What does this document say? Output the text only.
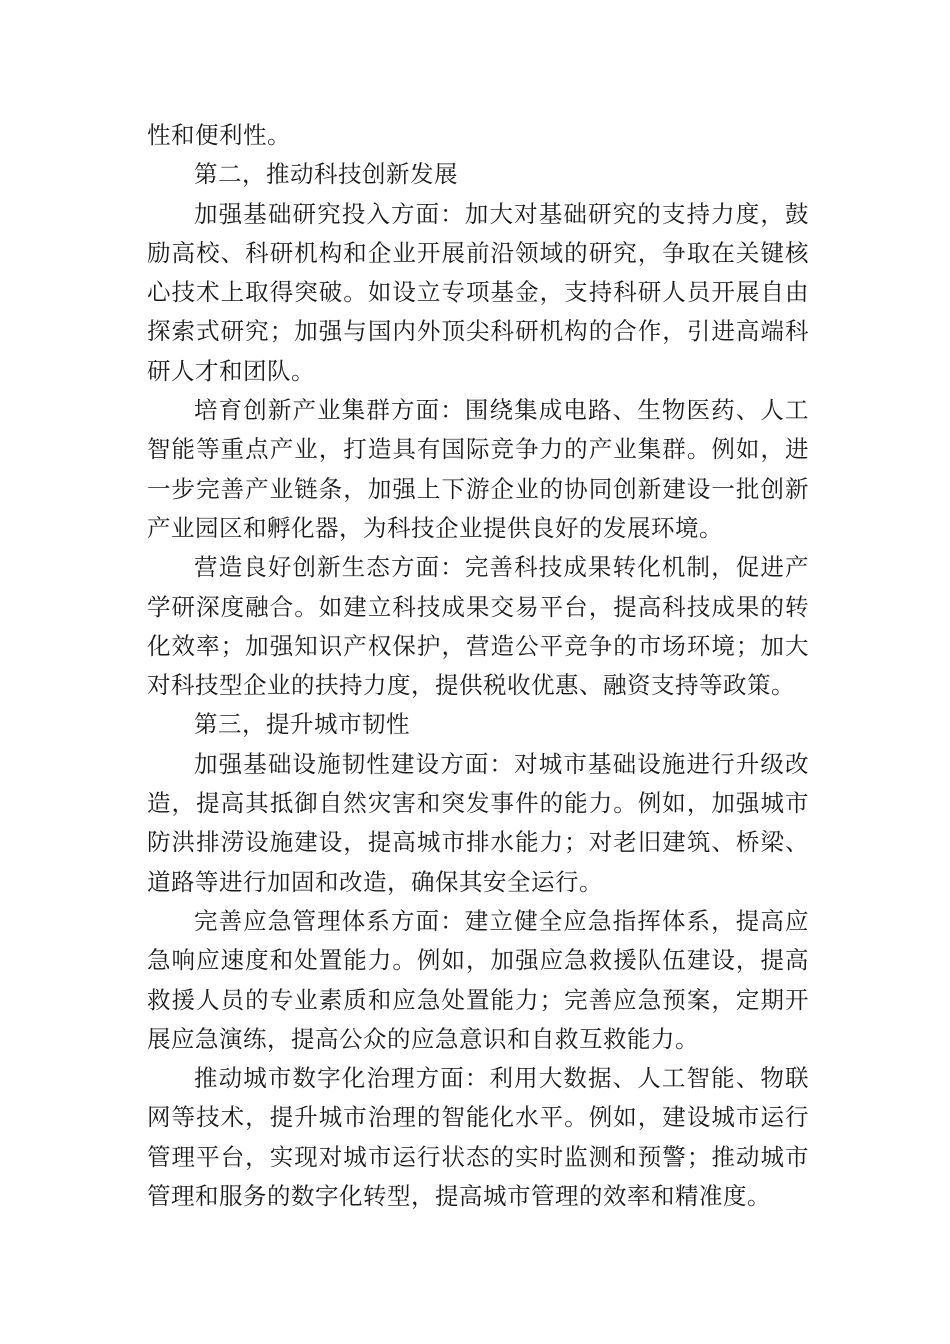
性和便利性。

第二，推动科技创新发展

加强基础研究投入方面：加大对基础研究的支持力度，鼓励高校、科研机构和企业开展前沿领域的研究，争取在关键核心技术上取得突破。如设立专项基金，支持科研人员开展自由探索式研究；加强与国内外顶尖科研机构的合作，引进高端科研人才和团队。

培育创新产业集群方面：围绕集成电路、生物医药、人工智能等重点产业，打造具有国际竞争力的产业集群。例如，进一步完善产业链条，加强上下游企业的协同创新建设一批创新产业园区和孵化器，为科技企业提供良好的发展环境。

营造良好创新生态方面：完善科技成果转化机制，促进产学研深度融合。如建立科技成果交易平台，提高科技成果的转化效率；加强知识产权保护，营造公平竞争的市场环境；加大对科技型企业的扶持力度，提供税收优惠、融资支持等政策。

第三，提升城市韧性

加强基础设施韧性建设方面：对城市基础设施进行升级改造，提高其抵御自然灾害和突发事件的能力。例如，加强城市防洪排涝设施建设，提高城市排水能力；对老旧建筑、桥梁、道路等进行加固和改造，确保其安全运行。

完善应急管理体系方面：建立健全应急指挥体系，提高应急响应速度和处置能力。例如，加强应急救援队伍建设，提高救援人员的专业素质和应急处置能力；完善应急预案，定期开展应急演练，提高公众的应急意识和自救互救能力。

推动城市数字化治理方面：利用大数据、人工智能、物联网等技术，提升城市治理的智能化水平。例如，建设城市运行管理平台，实现对城市运行状态的实时监测和预警；推动城市管理和服务的数字化转型，提高城市管理的效率和精准度。
